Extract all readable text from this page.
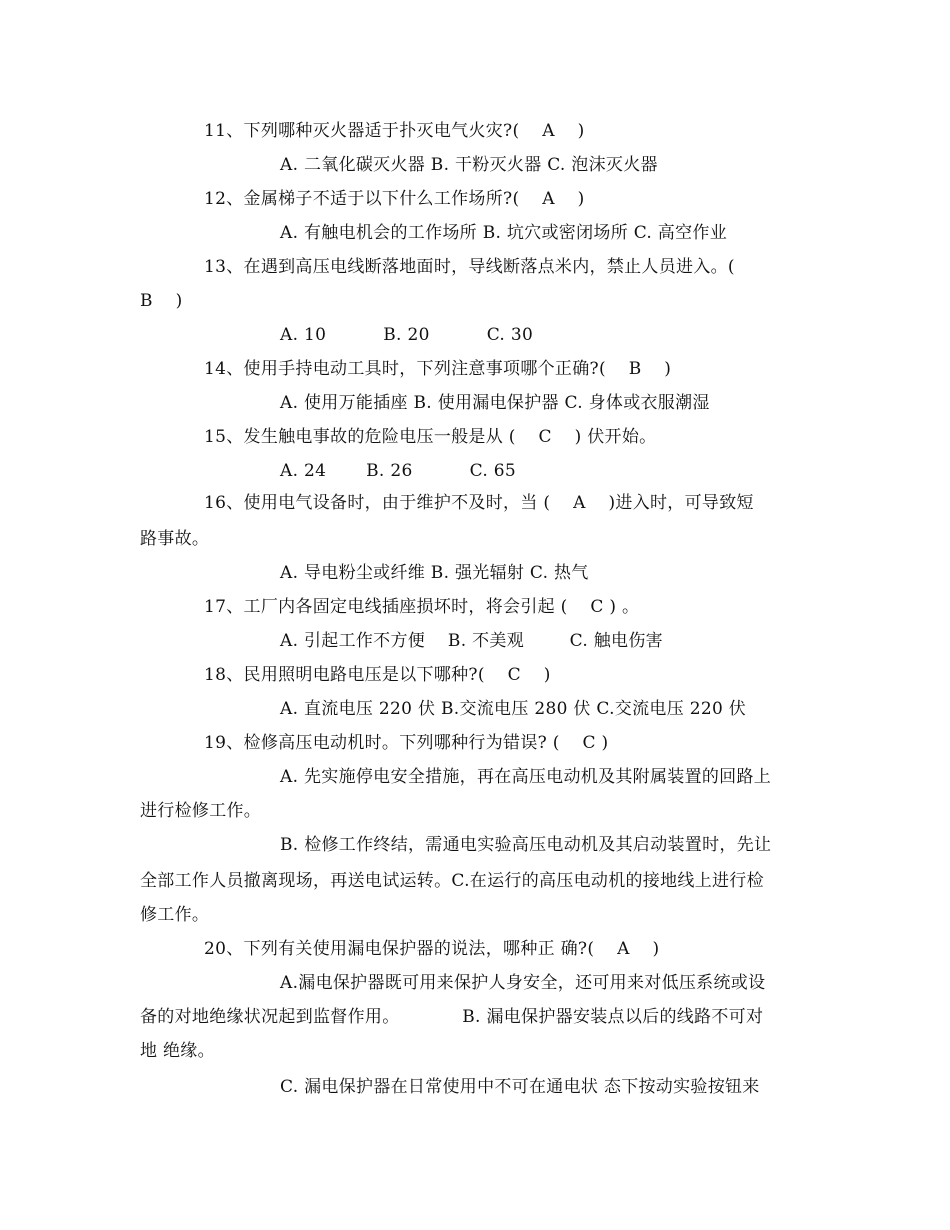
11、下列哪种灭火器适于扑灭电气火灾?(    A    )
A. 二氧化碳灭火器 B. 干粉灭火器 C. 泡沫灭火器
12、金属梯子不适于以下什么工作场所?(    A    )
A. 有触电机会的工作场所 B. 坑穴或密闭场所 C. 高空作业
13、在遇到高压电线断落地面时，导线断落点米内，禁止人员进入。(
B    )
A. 10          B. 20          C. 30
14、使用手持电动工具时，下列注意事项哪个正确?(    B    )
A. 使用万能插座 B. 使用漏电保护器 C. 身体或衣服潮湿
15、发生触电事故的危险电压一般是从 (    C    ) 伏开始。
A. 24       B. 26          C. 65
16、使用电气设备时，由于维护不及时，当 (    A    )进入时，可导致短
路事故。
A. 导电粉尘或纤维 B. 强光辐射 C. 热气
17、工厂内各固定电线插座损坏时，将会引起 (    C ) 。
A. 引起工作不方便    B. 不美观        C. 触电伤害
18、民用照明电路电压是以下哪种?(    C    )
A. 直流电压 220 伏 B.交流电压 280 伏 C.交流电压 220 伏
19、检修高压电动机时。下列哪种行为错误? (    C )
A. 先实施停电安全措施，再在高压电动机及其附属装置的回路上
进行检修工作。
B. 检修工作终结，需通电实验高压电动机及其启动装置时，先让
全部工作人员撤离现场，再送电试运转。C.在运行的高压电动机的接地线上进行检
修工作。
20、下列有关使用漏电保护器的说法，哪种正 确?(    A    )
A.漏电保护器既可用来保护人身安全，还可用来对低压系统或设
备的对地绝缘状况起到监督作用。           B. 漏电保护器安装点以后的线路不可对
地 绝缘。
C. 漏电保护器在日常使用中不可在通电状 态下按动实验按钮来
